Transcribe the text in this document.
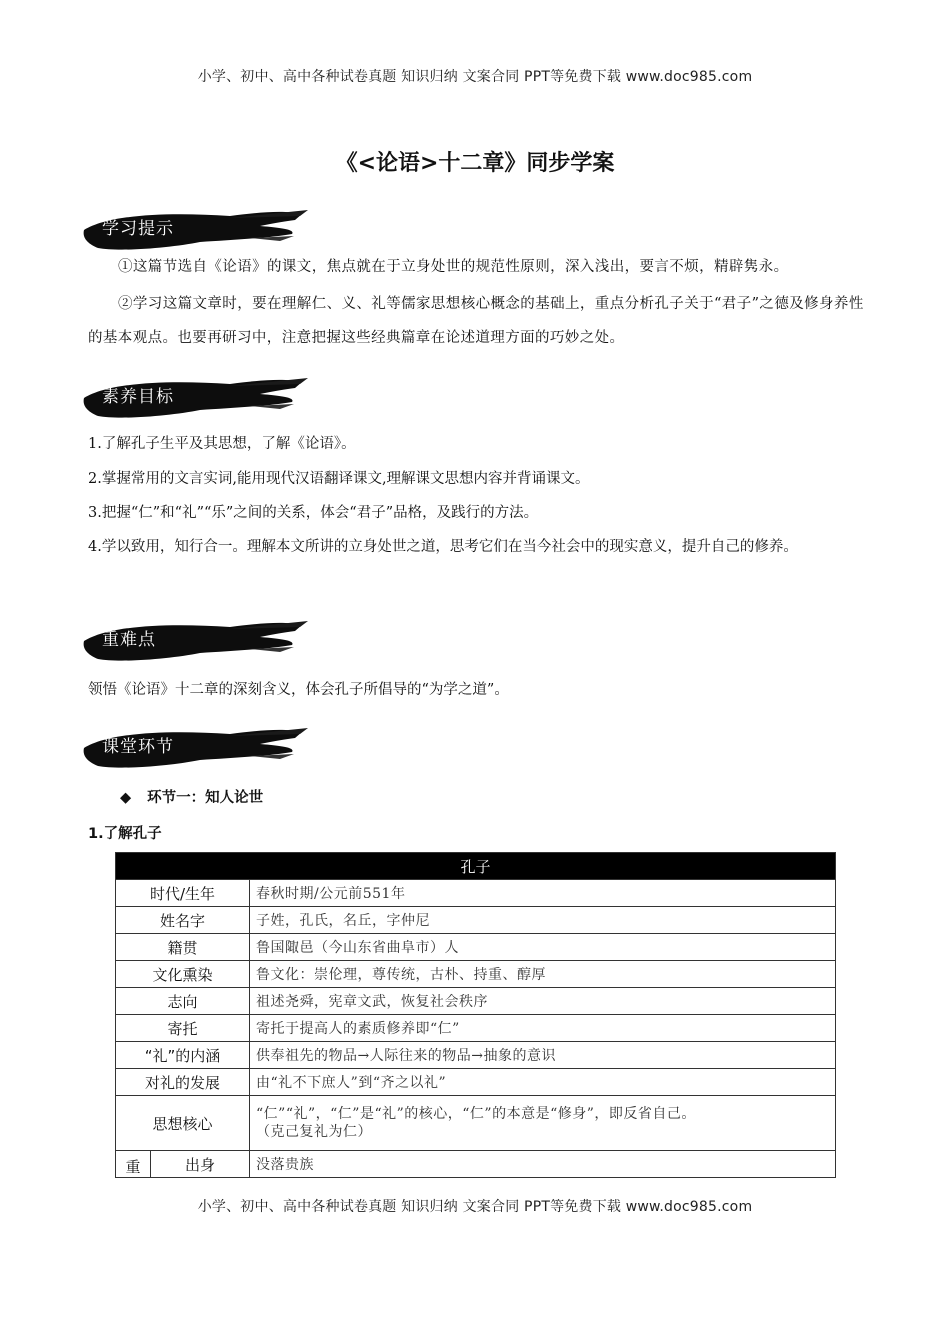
小学、初中、高中各种试卷真题 知识归纳 文案合同 PPT等免费下载 www.doc985.com
《<论语>十二章》同步学案
学习提示

①这篇节选自《论语》的课文，焦点就在于立身处世的规范性原则，深入浅出，要言不烦，精辟隽永。

②学习这篇文章时，要在理解仁、义、礼等儒家思想核心概念的基础上，重点分析孔子关于“君子”之德及修身养性的基本观点。也要再研习中，注意把握这些经典篇章在论述道理方面的巧妙之处。

素养目标

1.了解孔子生平及其思想，了解《论语》。

2.掌握常用的文言实词,能用现代汉语翻译课文,理解课文思想内容并背诵课文。

3.把握“仁”和“礼”“乐”之间的关系，体会“君子”品格，及践行的方法。

4.学以致用，知行合一。理解本文所讲的立身处世之道，思考它们在当今社会中的现实意义，提升自己的修养。

重难点

领悟《论语》十二章的深刻含义，体会孔子所倡导的“为学之道”。

课堂环节
◆ 环节一：知人论世
1.了解孔子
孔子		
时代/生年		春秋时期/公元前551年
姓名字		子姓，孔氏，名丘，字仲尼
籍贯		鲁国陬邑（今山东省曲阜市）人
文化熏染		鲁文化：崇伦理，尊传统，古朴、持重、醇厚
志向		祖述尧舜，宪章文武，恢复社会秩序
寄托		寄托于提高人的素质修养即“仁”
“礼”的内涵		供奉祖先的物品→人际往来的物品→抽象的意识
对礼的发展		由“礼不下庶人”到“齐之以礼”
思想核心		“仁”“礼”，“仁”是“礼”的核心，“仁”的本意是“修身”，即反省自己。
（克己复礼为仁）

重	出身	没落贵族
小学、初中、高中各种试卷真题 知识归纳 文案合同 PPT等免费下载 www.doc985.com
